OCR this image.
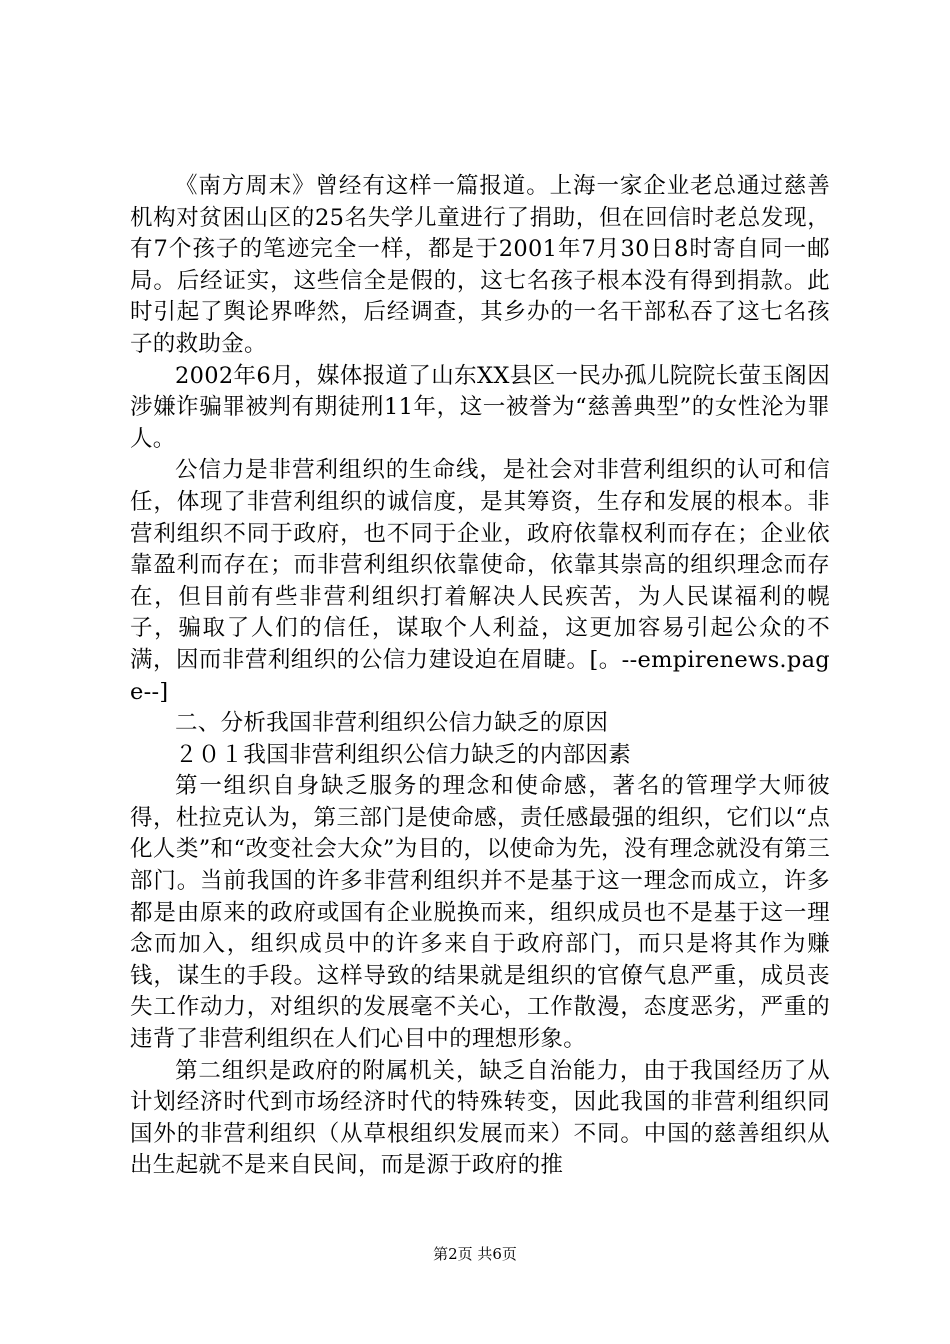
《南方周末》曾经有这样一篇报道。上海一家企业老总通过慈善机构对贫困山区的25名失学儿童进行了捐助，但在回信时老总发现，有7个孩子的笔迹完全一样，都是于2001年7月30日8时寄自同一邮局。后经证实，这些信全是假的，这七名孩子根本没有得到捐款。此时引起了舆论界哗然，后经调查，其乡办的一名干部私吞了这七名孩子的救助金。

2002年6月，媒体报道了山东XX县区一民办孤儿院院长萤玉阁因涉嫌诈骗罪被判有期徒刑11年，这一被誉为“慈善典型”的女性沦为罪人。

公信力是非营利组织的生命线，是社会对非营利组织的认可和信任，体现了非营利组织的诚信度，是其筹资，生存和发展的根本。非营利组织不同于政府，也不同于企业，政府依靠权利而存在；企业依靠盈利而存在；而非营利组织依靠使命，依靠其崇高的组织理念而存在，但目前有些非营利组织打着解决人民疾苦，为人民谋福利的幌子，骗取了人们的信任，谋取个人利益，这更加容易引起公众的不满，因而非营利组织的公信力建设迫在眉睫。[。--empirenews.page--]

二、分析我国非营利组织公信力缺乏的原因

２０１我国非营利组织公信力缺乏的内部因素

第一组织自身缺乏服务的理念和使命感，著名的管理学大师彼得，杜拉克认为，第三部门是使命感，责任感最强的组织，它们以“点化人类”和“改变社会大众”为目的，以使命为先，没有理念就没有第三部门。当前我国的许多非营利组织并不是基于这一理念而成立，许多都是由原来的政府或国有企业脱换而来，组织成员也不是基于这一理念而加入，组织成员中的许多来自于政府部门，而只是将其作为赚钱，谋生的手段。这样导致的结果就是组织的官僚气息严重，成员丧失工作动力，对组织的发展毫不关心，工作散漫，态度恶劣，严重的违背了非营利组织在人们心目中的理想形象。

第二组织是政府的附属机关，缺乏自治能力，由于我国经历了从计划经济时代到市场经济时代的特殊转变，因此我国的非营利组织同国外的非营利组织（从草根组织发展而来）不同。中国的慈善组织从出生起就不是来自民间，而是源于政府的推

第2页 共6页
